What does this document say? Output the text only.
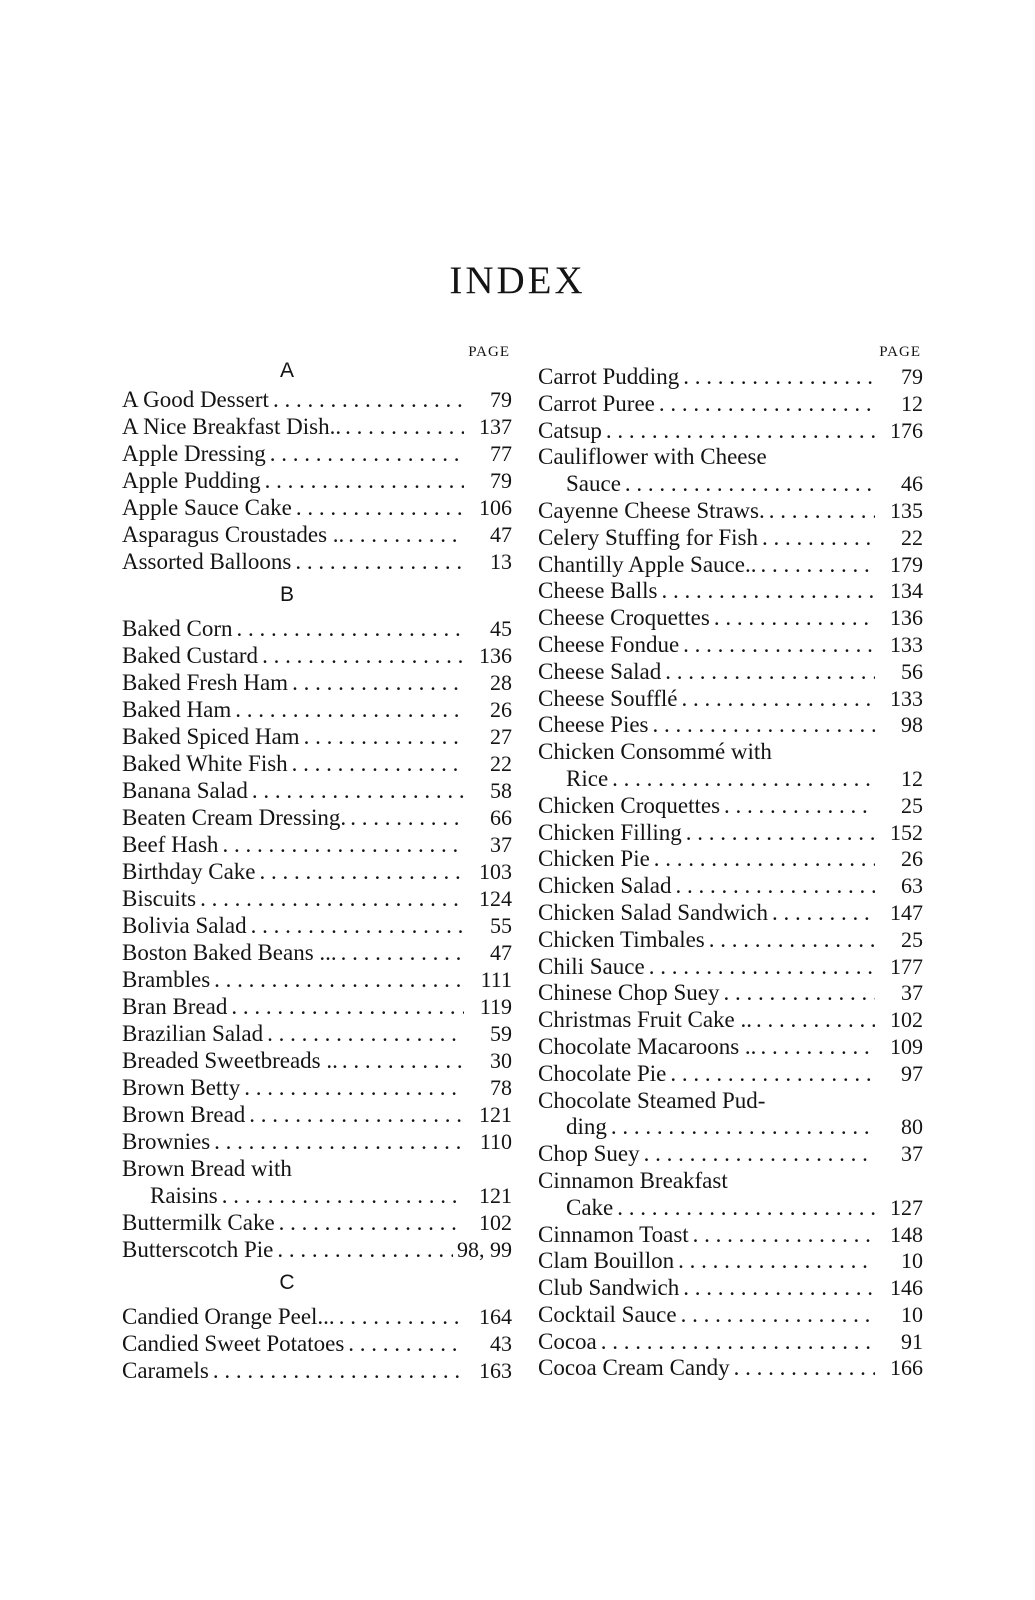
INDEX
PAGE
A
A Good Dessert . . .	79
A Nice Breakfast Dish.. . . .	137
Apple Dressing . . .	77
Apple Pudding . . .	79
Apple Sauce Cake . . .	106
Asparagus Croustades .. . . .	47
Assorted Balloons . . .	13
B
Baked Corn . . .	45
Baked Custard . . .	136
Baked Fresh Ham . . .	28
Baked Ham . . .	26
Baked Spiced Ham . . .	27
Baked White Fish . . .	22
Banana Salad . . .	58
Beaten Cream Dressing. . . .	66
Beef Hash . . .	37
Birthday Cake . . .	103
Biscuits . . .	124
Bolivia Salad . . .	55
Boston Baked Beans ... . . .	47
Brambles . . .	111
Bran Bread . . .	119
Brazilian Salad . . .	59
Breaded Sweetbreads .. . . .	30
Brown Betty . . .	78
Brown Bread . . .	121
Brownies . . .	110
Brown Bread with
Raisins . . .	121
Buttermilk Cake . . .	102
Butterscotch Pie . . .	98, 99
C
Candied Orange Peel... . . .	164
Candied Sweet Potatoes . . .	43
Caramels . . .	163
PAGE
Carrot Pudding . . .	79
Carrot Puree . . .	12
Catsup . . .	176
Cauliflower with Cheese
Sauce . . .	46
Cayenne Cheese Straws. . . .	135
Celery Stuffing for Fish . . .	22
Chantilly Apple Sauce.. . . .	179
Cheese Balls . . .	134
Cheese Croquettes . . .	136
Cheese Fondue . . .	133
Cheese Salad . . .	56
Cheese Soufflé . . .	133
Cheese Pies . . .	98
Chicken Consommé with
Rice . . .	12
Chicken Croquettes . . .	25
Chicken Filling . . .	152
Chicken Pie . . .	26
Chicken Salad . . .	63
Chicken Salad Sandwich . . .	147
Chicken Timbales . . .	25
Chili Sauce . . .	177
Chinese Chop Suey . . .	37
Christmas Fruit Cake .. . . .	102
Chocolate Macaroons .. . . .	109
Chocolate Pie . . .	97
Chocolate Steamed Pud-
ding . . .	80
Chop Suey . . .	37
Cinnamon Breakfast
Cake . . .	127
Cinnamon Toast . . .	148
Clam Bouillon . . .	10
Club Sandwich . . .	146
Cocktail Sauce . . .	10
Cocoa . . .	91
Cocoa Cream Candy . . .	166
